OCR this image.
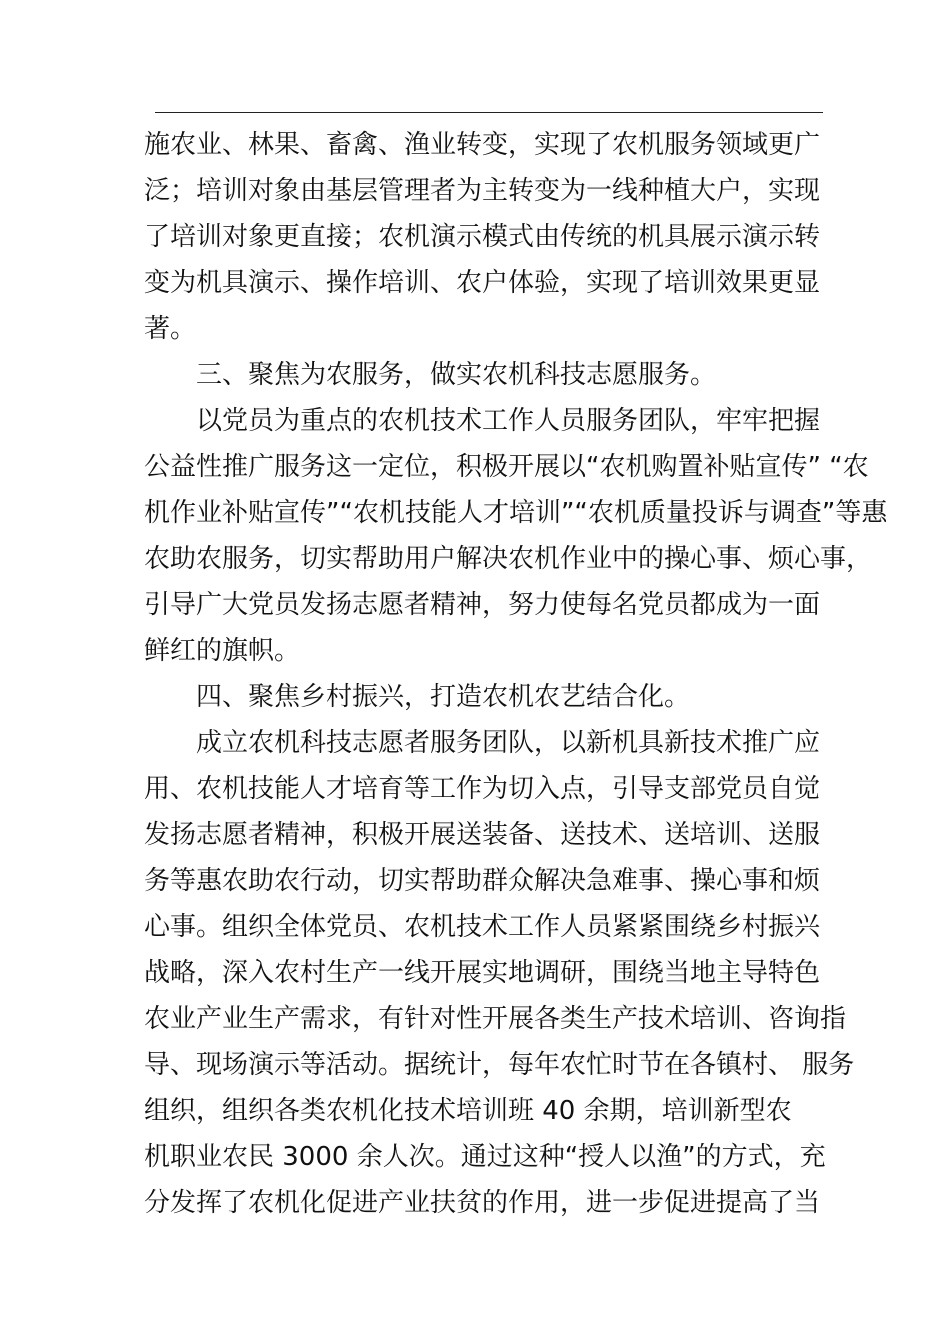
施农业、林果、畜禽、渔业转变，实现了农机服务领域更广
泛；培训对象由基层管理者为主转变为一线种植大户，实现
了培训对象更直接；农机演示模式由传统的机具展示演示转
变为机具演示、操作培训、农户体验，实现了培训效果更显
著。
三、聚焦为农服务，做实农机科技志愿服务。
以党员为重点的农机技术工作人员服务团队，牢牢把握
公益性推广服务这一定位，积极开展以“农机购置补贴宣传” “农
机作业补贴宣传”“农机技能人才培训”“农机质量投诉与调查”等惠
农助农服务，切实帮助用户解决农机作业中的操心事、烦心事，
引导广大党员发扬志愿者精神，努力使每名党员都成为一面
鲜红的旗帜。
四、聚焦乡村振兴，打造农机农艺结合化。
成立农机科技志愿者服务团队，以新机具新技术推广应
用、农机技能人才培育等工作为切入点，引导支部党员自觉
发扬志愿者精神，积极开展送装备、送技术、送培训、送服
务等惠农助农行动，切实帮助群众解决急难事、操心事和烦
心事。组织全体党员、农机技术工作人员紧紧围绕乡村振兴
战略，深入农村生产一线开展实地调研，围绕当地主导特色
农业产业生产需求，有针对性开展各类生产技术培训、咨询指
导、现场演示等活动。据统计，每年农忙时节在各镇村、 服务
组织，组织各类农机化技术培训班 40 余期，培训新型农
机职业农民 3000 余人次。通过这种“授人以渔”的方式，充
分发挥了农机化促进产业扶贫的作用，进一步促进提高了当
